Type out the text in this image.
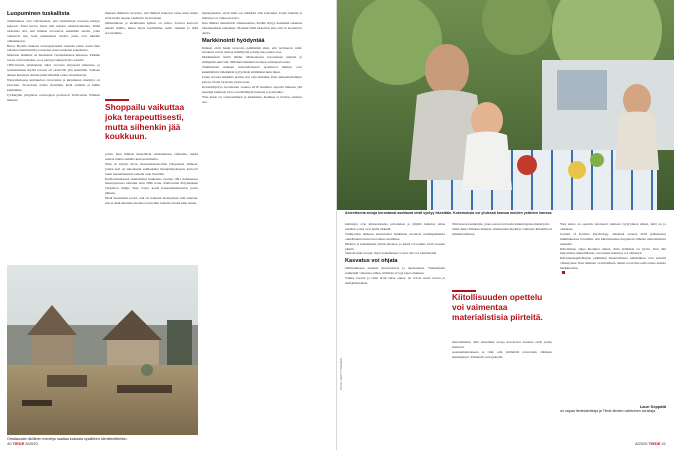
Luopuminen tuskallista

Tutkimukset ovat vahvistaneet, että omistettuun tavaraan kiintyy helposti. Tästä kertoo myös niin sanottu omistusvaikutus. Tämä tarkoittaa sitä, että ihmiset arvostavat enemmän asioita, jotka omistavat itse, kuin samanlaisia asioita, jotka ovat muiden omistuksessa.

Bruce Hoodin mukaan tavarapaljouden taustalla piilee usein halu rakentaa identiteettiä ja talouden eriarvoisuuden kokemusta.

Materian hankinta on muuttunut vuosituhansien kuluessa. Pitkään tavara oli harvinaista, ja se periytyi sukupolvelta toiselle.

1900-luvulla yhteiskunta alkoi arvostaa erityisesti kulutusta, ja teollistumisen myötä tavaraa oli saatavilla yhä enemmän. Samaan aikaan kulutusta alettiin pitää tärkeänä osana talouskasvua.

Nykyaikaisessa kulttuurissa tavaroiden ja kulutuksen merkitys on kasvanut. Tavaroiden avulla viestitään, keitä olemme ja mihin kuulumme.

Jyväskylän yliopiston sosiologian professori Terhi-Anna Wilskan mukaan

mukaan ihmisten tavaroita, että ihmiset haluavat ostaa uutta mutta eivät malta luopua vanhoista tavaroistaan.

Omistamisen ja identiteetin kytkös on vahva. Tavarat kertovat meistä muille, mutta myös itsellemme: keitä olemme ja mitä arvostamme.

Shoppailu vaikuttaa joka terapeuttisesti, mutta siihenkin jää koukkuun.

jotain. Kun ihmiset menettävät omaisuuttaan vellkoille, heistä saattaa tuntua samalla kuin kuolemalta.

Näin on käynyt myös luonnonkatastrofien yhteydessä. Ihmiset, joiden koti on tuhoutunut esimerkiksi maanjäristyksessä, kertovat usein menettäneensä samalla osan itsestään.

Kalifornialaisessa Oaklandissa kuukautta vuonna 1991 riehuneessa maastopalossa tuhoutui noin 3000 kotia. Kalifornian Polyteknisen yliopiston tutkija Shay Sayre kerää haastatteluaineistoa palon jälkeen.

Moni haastateltu kertoi, että oli kokenut menetyksen niin suurena, että ei enää halunnut sitoutua tavaroihin samalla tavalla kuin ennen.

menetykseksi, aivan kuin osa elämästä olisi kadonnut. Usein tunteita ja muistoja on vaikea korvata.

Kun ihmiset menettävät omaisuutensa, heidän täytyy kuitenkin rakentaa identiteettinsä uudelleen. Monelle tämä tarkoittaa sitä, että on aloitettava alusta.

Markkinointi hyödyntää

Ihmiset eivät hanki tavaroita pelkästään siksi, että tarvitsevat niitä. Ostokset voivat tuottaa mielihyvää ja helpottaa pahaa oloa.

Markkinointi tietää tämän. Mainonnassa korostetaan tunteita ja elämyksiä sekä sitä, millainen ihminen tuotteen omistajasta tulee.

Tutkimusten mukaan materialistisesti ajattelevat ihmiset ovat keskimäärin vähemmän tyytyväisiä elämäänsä kuin muut.

Usein tavaran hankinta tuottaa iloa vain hetkeksi. Kun uutuudenviehätys katoaa, tilalle tarvitaan jotain uutta.

Konsulttiyritys Accenturen vuonna 2019 laatiman raportin mukaan yhä useampi kuluttaja toivoo kestävämpiä tuotteita ja palveluita.

Yksi keino on vuokraaminen ja jakaminen. Kaikkea ei tarvitse omistaa itse.

Omaisuuden äkillinen menetys saattaa luokasta sysäilleen identiteettikriisin.
40 TIEDE 8/2020
KUVA: GETTY IMAGES
Aineettomia arvoja korostavat asettavat sivät syntyy itsestään. Kokemuksia voi yhdessä kanssa muiden ystävien kanssa.

kuluttajat ovat kiinnostuneita palveluista ja jäljellä kuluttaa rahaa asioihin, jotka ovat heille tärkeitä.

Tutkijoiden mukaan aineettomat hankinnat tuottavat pidempiaikaista onnellisuutta kuin tavaroiden ostaminen.

Muistot ja kokemukset jäävät mieleen, ja niistä voi nauttia vielä vuosien päästä.

Samoin kuin tavarat, myös kokemukset voivat olla osa identiteettiä.

Kasvatus voi ohjata

Omistamiseen asenteet muodostuvat jo lapsuudessa. Vanhempien esimerkki vaikuttaa siihen, millaisia arvoja lapsi omaksuu.

Vaikka tavarat ja rahat eivät takaa onnea, ne voivat tuoda turvaa ja mahdollisuuksia.

Näin kasvaa kuluttajia, jotka osaavat arvioida hankintojensa merkitystä.

Terhi-Anna Wilskan mukaan omaisuuden merkitys vaihtelee ihmisillä eri elämänvaiheissa.

Kiitollisuuden opettelu voi vaimentaa materialistisia piirteitä.

materialismia, sillä aineellisia arvoja korostavat asenteet eivät synny hetkessä.

Asennemuutokseen ei riitä, että ymmärtää tavaroiden vähäisen merkityksen. Tärkeintä on harjoitella.

Yksi keino on opetella tietoisesti olemaan tyytyväinen siihen, mitä on jo olemassa.

Journal of Positive Psychology -lehdessä vuonna 2018 julkaistussa tutkimuksessa havaittiin, että kiitollisuuden harjoittelu vähensi materialistisia asenteita.

Kiitollisuus ohjaa huomion siihen, mitä elämässä on hyvin. Kun tätä harjoittelee säännöllisesti, tavaroiden merkitys voi vähentyä.

Kiitollisuuspäiväkirjan pitäminen materialistiset tutkimukset ovat selvästi vähentyneet. Kun ihminen on kiitollinen, hänen ei tarvitse etsiä onnea uusista hankinnoista.

Lauri Seppälä
on vapaa tiedetoimittaja ja Tiede-lehden vakituinen avustaja.
8/2020 TIEDE 41
